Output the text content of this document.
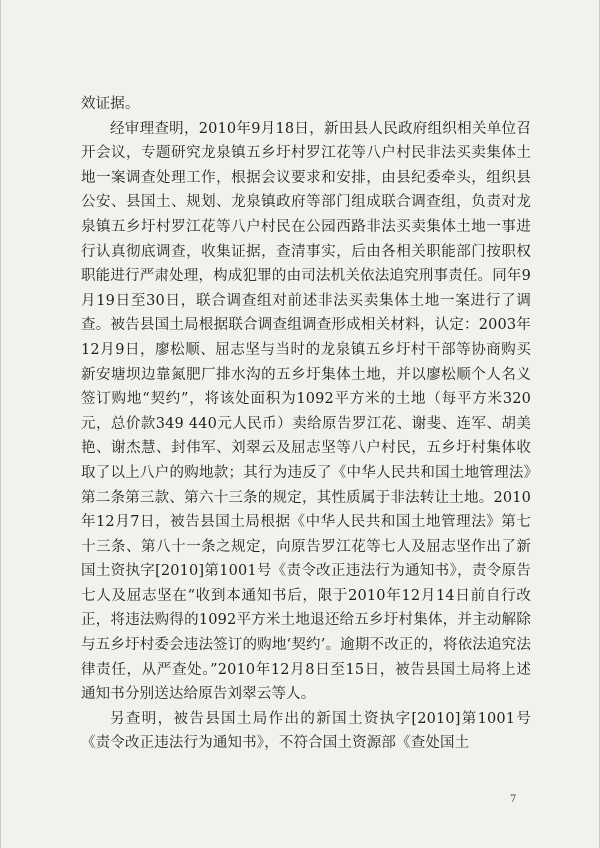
效证据。

经审理查明，2010年9月18日，新田县人民政府组织相关单位召开会议，专题研究龙泉镇五乡圩村罗江花等八户村民非法买卖集体土地一案调查处理工作，根据会议要求和安排，由县纪委牵头，组织县公安、县国土、规划、龙泉镇政府等部门组成联合调查组，负责对龙泉镇五乡圩村罗江花等八户村民在公园西路非法买卖集体土地一事进行认真彻底调查，收集证据，查清事实，后由各相关职能部门按职权职能进行严肃处理，构成犯罪的由司法机关依法追究刑事责任。同年9月19日至30日，联合调查组对前述非法买卖集体土地一案进行了调查。被告县国土局根据联合调查组调查形成相关材料，认定：2003年12月9日，廖松顺、屈志坚与当时的龙泉镇五乡圩村干部等协商购买新安塘坝边靠氮肥厂排水沟的五乡圩集体土地，并以廖松顺个人名义签订购地“契约”，将该处面积为1092平方米的土地（每平方米320元，总价款349 440元人民币）卖给原告罗江花、谢斐、连军、胡美艳、谢杰慧、封伟军、刘翠云及屈志坚等八户村民，五乡圩村集体收取了以上八户的购地款；其行为违反了《中华人民共和国土地管理法》第二条第三款、第六十三条的规定，其性质属于非法转让土地。2010年12月7日，被告县国土局根据《中华人民共和国土地管理法》第七十三条、第八十一条之规定，向原告罗江花等七人及屈志坚作出了新国土资执字[2010]第1001号《责令改正违法行为通知书》，责令原告七人及屈志坚在“收到本通知书后，限于2010年12月14日前自行改正，将违法购得的1092平方米土地退还给五乡圩村集体，并主动解除与五乡圩村委会违法签订的购地‘契约’。逾期不改正的，将依法追究法律责任，从严查处。”2010年12月8日至15日，被告县国土局将上述通知书分别送达给原告刘翠云等人。

另查明，被告县国土局作出的新国土资执字[2010]第1001号《责令改正违法行为通知书》，不符合国土资源部《查处国土

7
